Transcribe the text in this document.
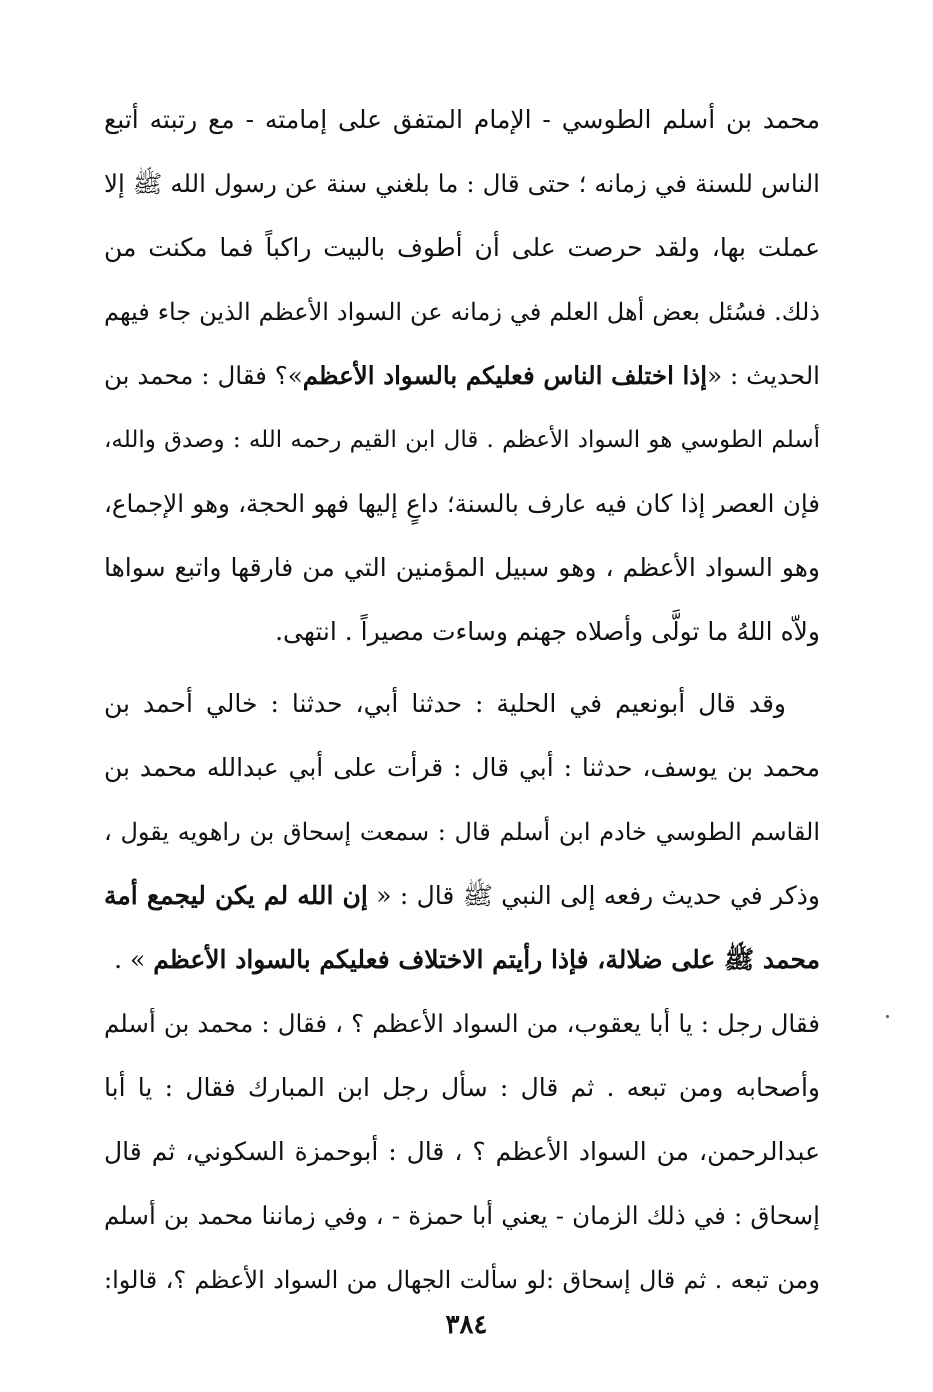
محمد بن أسلم الطوسي - الإمام المتفق على إمامته - مع رتبته أتبع
الناس للسنة في زمانه ؛ حتى قال : ما بلغني سنة عن رسول الله ﷺ إلا
عملت بها، ولقد حرصت على أن أطوف بالبيت راكباً فما مكنت من
ذلك. فسُئل بعض أهل العلم في زمانه عن السواد الأعظم الذين جاء فيهم
الحديث : «إذا اختلف الناس فعليكم بالسواد الأعظم»؟ فقال : محمد بن
أسلم الطوسي هو السواد الأعظم . قال ابن القيم رحمه الله : وصدق والله،
فإن العصر إذا كان فيه عارف بالسنة؛ داعٍ إليها فهو الحجة، وهو الإجماع،
وهو السواد الأعظم ، وهو سبيل المؤمنين التي من فارقها واتبع سواها
ولاّه اللهُ ما تولَّى وأصلاه جهنم وساءت مصيراً . انتهى.
وقد قال أبونعيم في الحلية : حدثنا أبي، حدثنا : خالي أحمد بن
محمد بن يوسف، حدثنا : أبي قال : قرأت على أبي عبدالله محمد بن
القاسم الطوسي خادم ابن أسلم قال : سمعت إسحاق بن راهويه يقول ،
وذكر في حديث رفعه إلى النبي ﷺ قال : « إن الله لم يكن ليجمع أمة
محمد ﷺ على ضلالة، فإذا رأيتم الاختلاف فعليكم بالسواد الأعظم » .
فقال رجل : يا أبا يعقوب، من السواد الأعظم ؟ ، فقال : محمد بن أسلم
وأصحابه ومن تبعه . ثم قال : سأل رجل ابن المبارك فقال : يا أبا
عبدالرحمن، من السواد الأعظم ؟ ، قال : أبوحمزة السكوني، ثم قال
إسحاق : في ذلك الزمان - يعني أبا حمزة - ، وفي زماننا محمد بن أسلم
ومن تبعه . ثم قال إسحاق :لو سألت الجهال من السواد الأعظم ؟، قالوا:
٣٨٤
